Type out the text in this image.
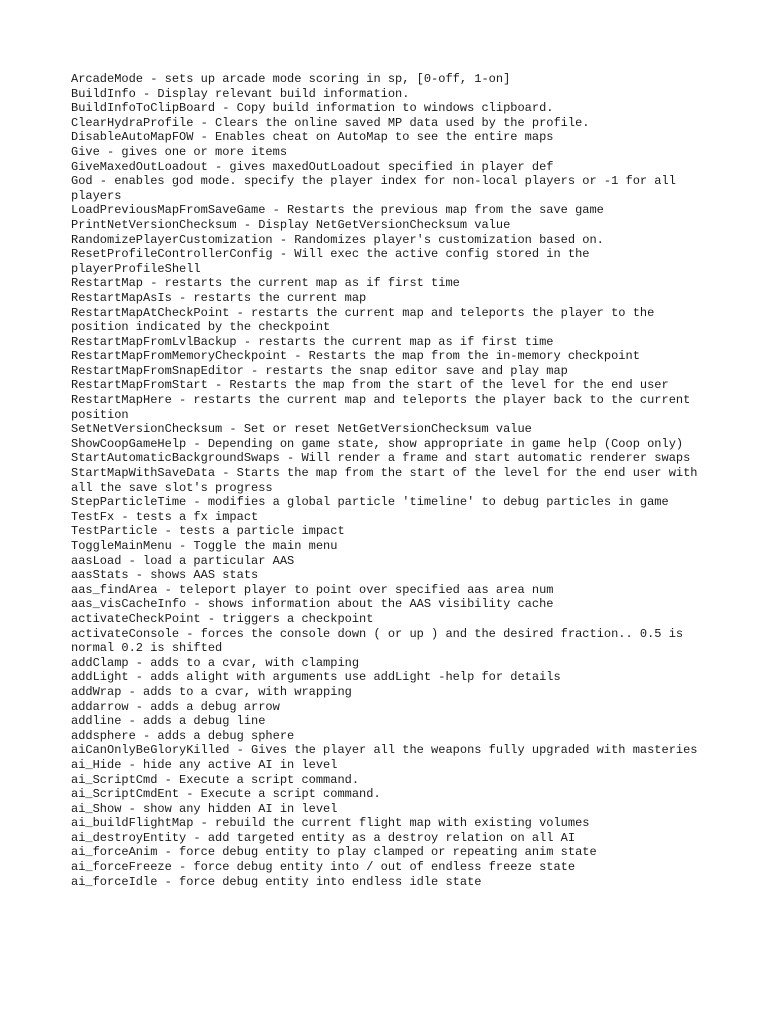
ArcadeMode - sets up arcade mode scoring in sp, [0-off, 1-on]
BuildInfo - Display relevant build information.
BuildInfoToClipBoard - Copy build information to windows clipboard.
ClearHydraProfile - Clears the online saved MP data used by the profile.
DisableAutoMapFOW - Enables cheat on AutoMap to see the entire maps
Give - gives one or more items
GiveMaxedOutLoadout - gives maxedOutLoadout specified in player def
God - enables god mode. specify the player index for non-local players or -1 for all players
LoadPreviousMapFromSaveGame - Restarts the previous map from the save game
PrintNetVersionChecksum - Display NetGetVersionChecksum value
RandomizePlayerCustomization - Randomizes player's customization based on.
ResetProfileControllerConfig - Will exec the active config stored in the playerProfileShell
RestartMap - restarts the current map as if first time
RestartMapAsIs - restarts the current map
RestartMapAtCheckPoint - restarts the current map and teleports the player to the position indicated by the checkpoint
RestartMapFromLvlBackup - restarts the current map as if first time
RestartMapFromMemoryCheckpoint - Restarts the map from the in-memory checkpoint
RestartMapFromSnapEditor - restarts the snap editor save and play map
RestartMapFromStart - Restarts the map from the start of the level for the end user
RestartMapHere - restarts the current map and teleports the player back to the current position
SetNetVersionChecksum - Set or reset NetGetVersionChecksum value
ShowCoopGameHelp - Depending on game state, show appropriate in game help (Coop only)
StartAutomaticBackgroundSwaps - Will render a frame and start automatic renderer swaps
StartMapWithSaveData - Starts the map from the start of the level for the end user with all the save slot's progress
StepParticleTime - modifies a global particle 'timeline' to debug particles in game
TestFx - tests a fx impact
TestParticle - tests a particle impact
ToggleMainMenu - Toggle the main menu
aasLoad - load a particular AAS
aasStats - shows AAS stats
aas_findArea - teleport player to point over specified aas area num
aas_visCacheInfo - shows information about the AAS visibility cache
activateCheckPoint - triggers a checkpoint
activateConsole - forces the console down ( or up ) and the desired fraction.. 0.5 is normal 0.2 is shifted
addClamp - adds to a cvar, with clamping
addLight - adds alight with arguments use addLight -help for details
addWrap - adds to a cvar, with wrapping
addarrow - adds a debug arrow
addline - adds a debug line
addsphere - adds a debug sphere
aiCanOnlyBeGloryKilled - Gives the player all the weapons fully upgraded with masteries
ai_Hide - hide any active AI in level
ai_ScriptCmd - Execute a script command.
ai_ScriptCmdEnt - Execute a script command.
ai_Show - show any hidden AI in level
ai_buildFlightMap - rebuild the current flight map with existing volumes
ai_destroyEntity - add targeted entity as a destroy relation on all AI
ai_forceAnim - force debug entity to play clamped or repeating anim state
ai_forceFreeze - force debug entity into / out of endless freeze state
ai_forceIdle - force debug entity into endless idle state
